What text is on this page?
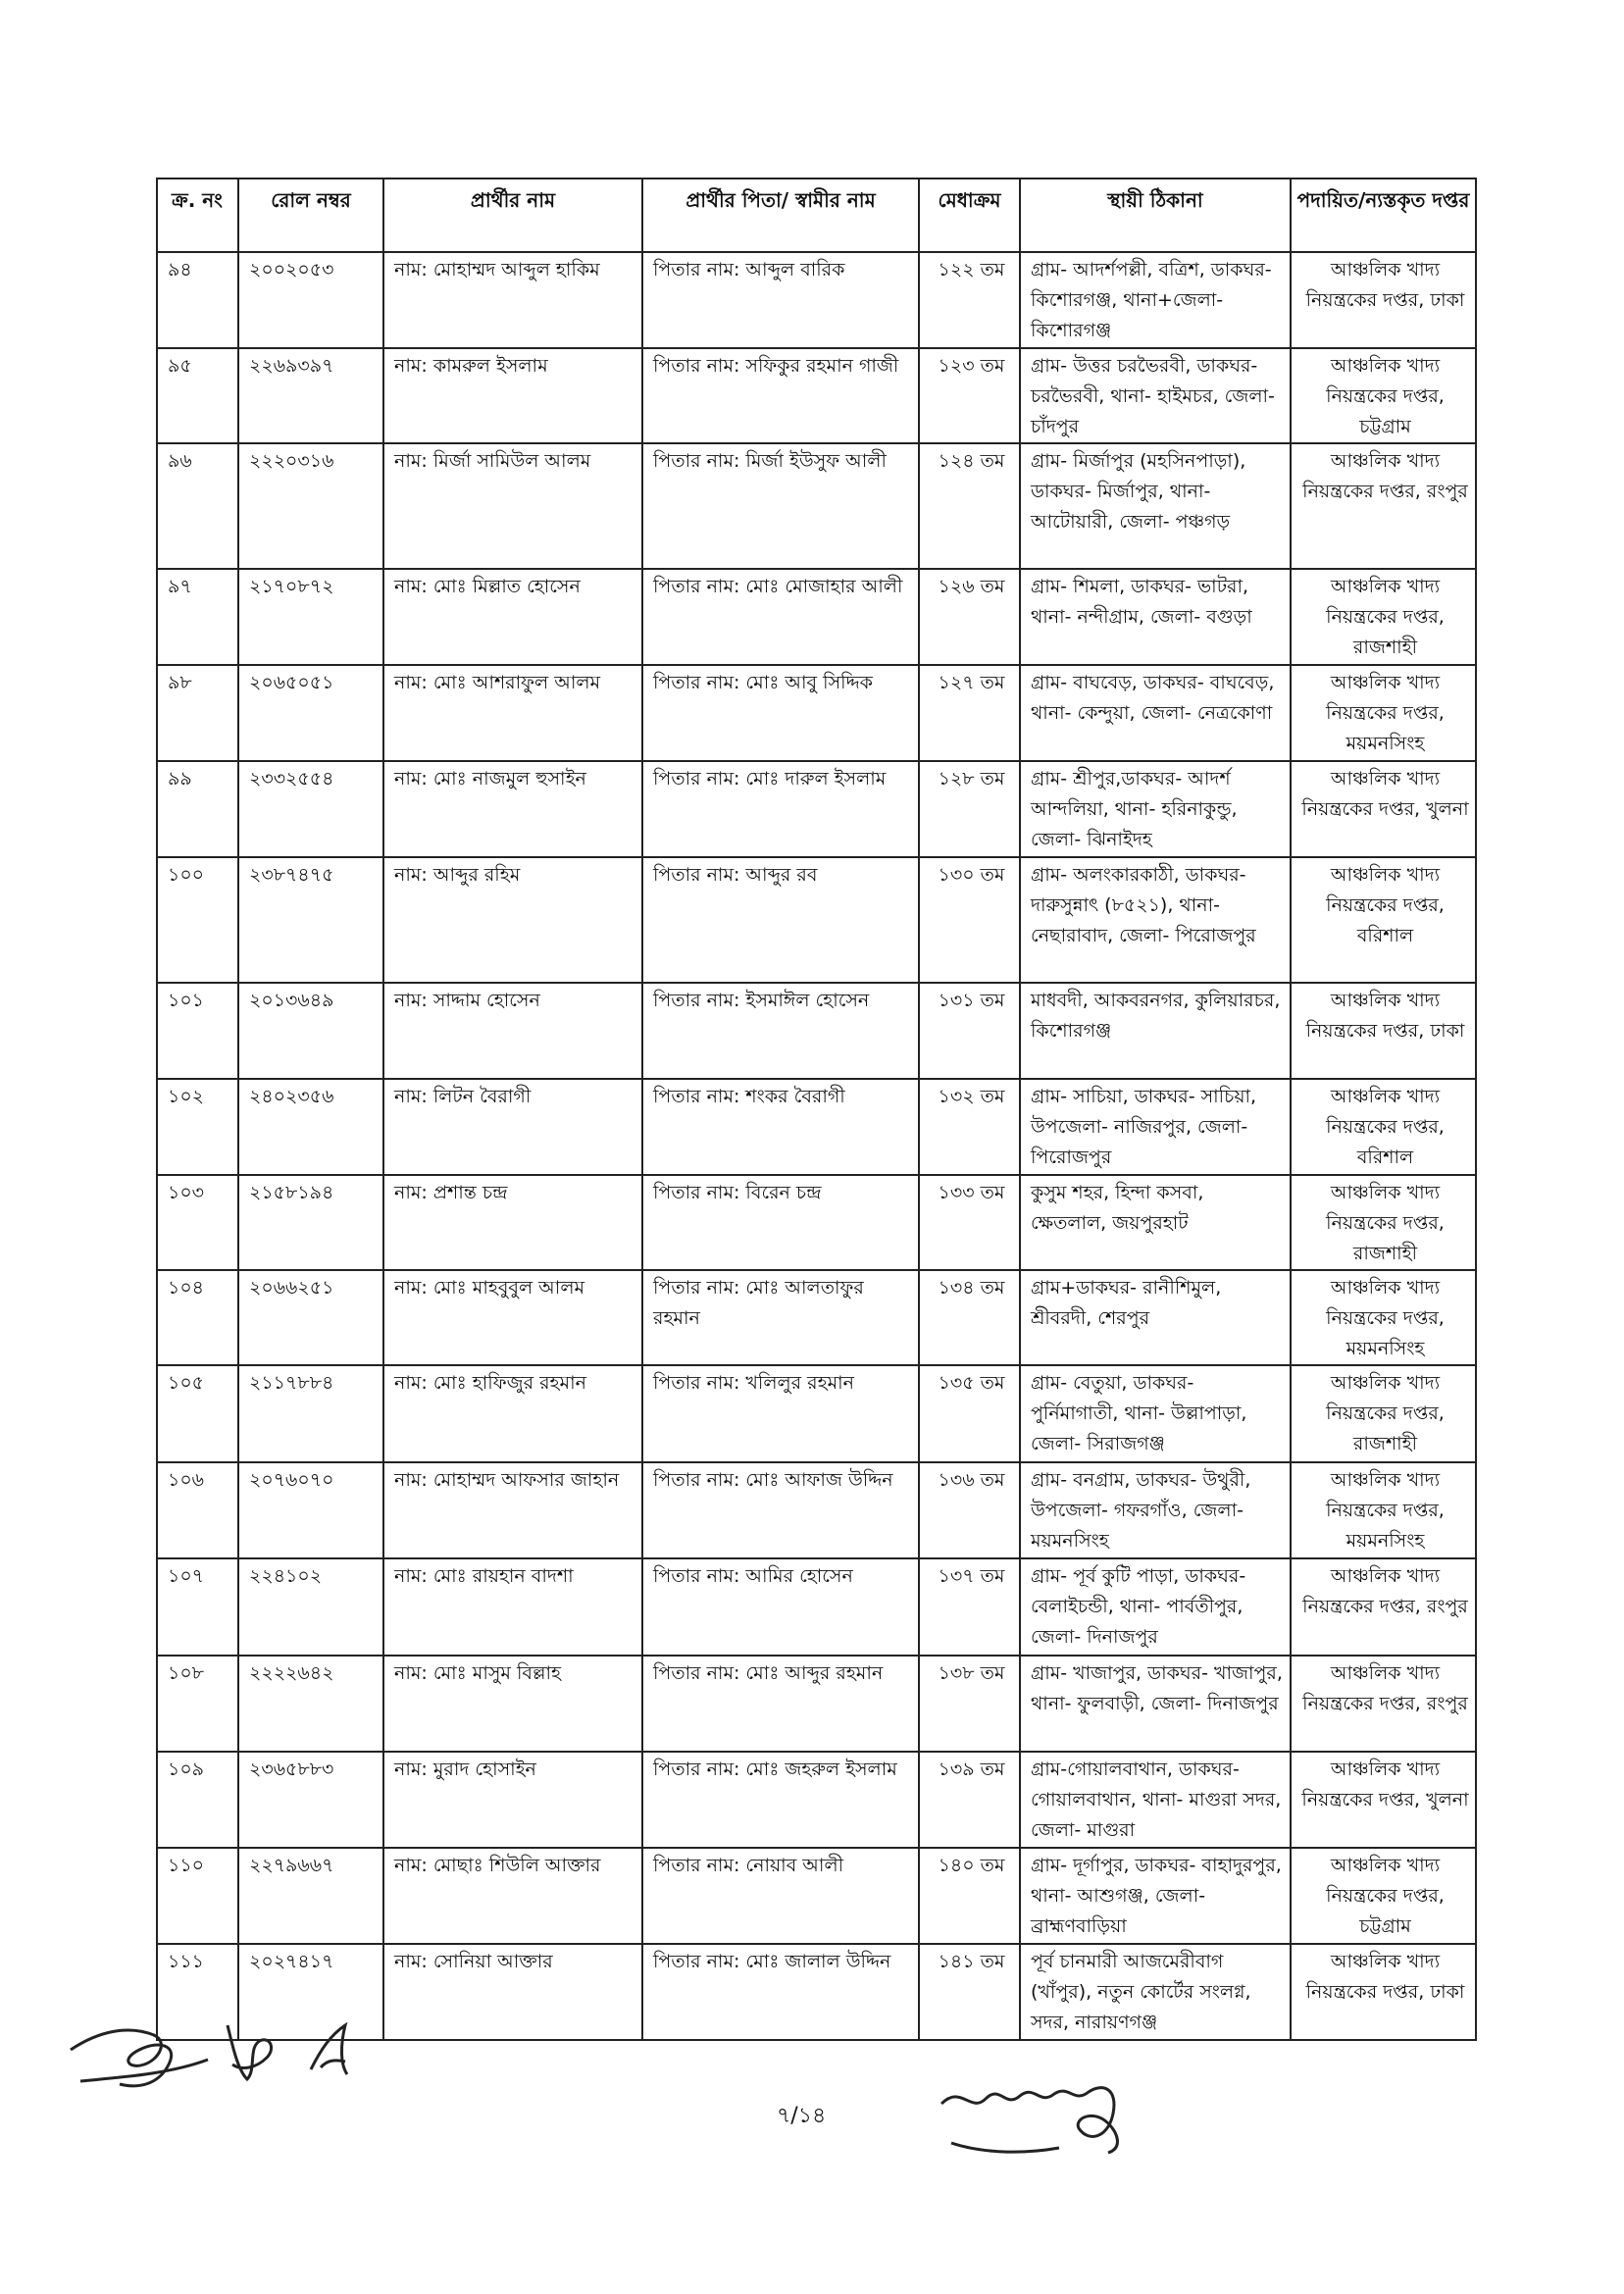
ক্র. নং	রোল নম্বর	প্রার্থীর নাম	প্রার্থীর পিতা/ স্বামীর নাম	মেধাক্রম	স্থায়ী ঠিকানা	পদায়িত/ন্যস্তকৃত দপ্তর
৯৪	২০০২০৫৩	নাম: মোহাম্মদ আব্দুল হাকিম	পিতার নাম: আব্দুল বারিক	১২২ তম	গ্রাম- আদর্শপল্লী, বত্রিশ, ডাকঘর- কিশোরগঞ্জ, থানা+জেলা- কিশোরগঞ্জ	আঞ্চলিক খাদ্য নিয়ন্ত্রকের দপ্তর, ঢাকা
৯৫	২২৬৯৩৯৭	নাম: কামরুল ইসলাম	পিতার নাম: সফিকুর রহমান গাজী	১২৩ তম	গ্রাম- উত্তর চরভৈরবী, ডাকঘর- চরভৈরবী, থানা- হাইমচর, জেলা- চাঁদপুর	আঞ্চলিক খাদ্য নিয়ন্ত্রকের দপ্তর, চট্টগ্রাম
৯৬	২২২০৩১৬	নাম: মির্জা সামিউল আলম	পিতার নাম: মির্জা ইউসুফ আলী	১২৪ তম	গ্রাম- মির্জাপুর (মহসিনপাড়া), ডাকঘর- মির্জাপুর, থানা- আটোয়ারী, জেলা- পঞ্চগড়	আঞ্চলিক খাদ্য নিয়ন্ত্রকের দপ্তর, রংপুর
৯৭	২১৭০৮৭২	নাম: মোঃ মিল্লাত হোসেন	পিতার নাম: মোঃ মোজাহার আলী	১২৬ তম	গ্রাম- শিমলা, ডাকঘর- ভাটরা, থানা- নন্দীগ্রাম, জেলা- বগুড়া	আঞ্চলিক খাদ্য নিয়ন্ত্রকের দপ্তর, রাজশাহী
৯৮	২০৬৫০৫১	নাম: মোঃ আশরাফুল আলম	পিতার নাম: মোঃ আবু সিদ্দিক	১২৭ তম	গ্রাম- বাঘবেড়, ডাকঘর- বাঘবেড়, থানা- কেন্দুয়া, জেলা- নেত্রকোণা	আঞ্চলিক খাদ্য নিয়ন্ত্রকের দপ্তর, ময়মনসিংহ
৯৯	২৩৩২৫৫৪	নাম: মোঃ নাজমুল হুসাইন	পিতার নাম: মোঃ দারুল ইসলাম	১২৮ তম	গ্রাম- শ্রীপুর,ডাকঘর- আদর্শ আন্দলিয়া, থানা- হরিনাকুন্ডু, জেলা- ঝিনাইদহ	আঞ্চলিক খাদ্য নিয়ন্ত্রকের দপ্তর, খুলনা
১০০	২৩৮৭৪৭৫	নাম: আব্দুর রহিম	পিতার নাম: আব্দুর রব	১৩০ তম	গ্রাম- অলংকারকাঠী, ডাকঘর- দারুসুন্নাৎ (৮৫২১), থানা- নেছারাবাদ, জেলা- পিরোজপুর	আঞ্চলিক খাদ্য নিয়ন্ত্রকের দপ্তর, বরিশাল
১০১	২০১৩৬৪৯	নাম: সাদ্দাম হোসেন	পিতার নাম: ইসমাঈল হোসেন	১৩১ তম	মাধবদী, আকবরনগর, কুলিয়ারচর, কিশোরগঞ্জ	আঞ্চলিক খাদ্য নিয়ন্ত্রকের দপ্তর, ঢাকা
১০২	২৪০২৩৫৬	নাম: লিটন বৈরাগী	পিতার নাম: শংকর বৈরাগী	১৩২ তম	গ্রাম- সাচিয়া, ডাকঘর- সাচিয়া, উপজেলা- নাজিরপুর, জেলা- পিরোজপুর	আঞ্চলিক খাদ্য নিয়ন্ত্রকের দপ্তর, বরিশাল
১০৩	২১৫৮১৯৪	নাম: প্রশান্ত চন্দ্র	পিতার নাম: বিরেন চন্দ্র	১৩৩ তম	কুসুম শহর, হিন্দা কসবা, ক্ষেতলাল, জয়পুরহাট	আঞ্চলিক খাদ্য নিয়ন্ত্রকের দপ্তর, রাজশাহী
১০৪	২০৬৬২৫১	নাম: মোঃ মাহবুবুল আলম	পিতার নাম: মোঃ আলতাফুর রহমান	১৩৪ তম	গ্রাম+ডাকঘর- রানীশিমুল, শ্রীবরদী, শেরপুর	আঞ্চলিক খাদ্য নিয়ন্ত্রকের দপ্তর, ময়মনসিংহ
১০৫	২১১৭৮৮৪	নাম: মোঃ হাফিজুর রহমান	পিতার নাম: খলিলুর রহমান	১৩৫ তম	গ্রাম- বেতুয়া, ডাকঘর- পুর্নিমাগাতী, থানা- উল্লাপাড়া, জেলা- সিরাজগঞ্জ	আঞ্চলিক খাদ্য নিয়ন্ত্রকের দপ্তর, রাজশাহী
১০৬	২০৭৬০৭০	নাম: মোহাম্মদ আফসার জাহান	পিতার নাম: মোঃ আফাজ উদ্দিন	১৩৬ তম	গ্রাম- বনগ্রাম, ডাকঘর- উথুরী, উপজেলা- গফরগাঁও, জেলা- ময়মনসিংহ	আঞ্চলিক খাদ্য নিয়ন্ত্রকের দপ্তর, ময়মনসিংহ
১০৭	২২৪১০২	নাম: মোঃ রায়হান বাদশা	পিতার নাম: আমির হোসেন	১৩৭ তম	গ্রাম- পূর্ব কুটি পাড়া, ডাকঘর- বেলাইচন্ডী, থানা- পার্বতীপুর, জেলা- দিনাজপুর	আঞ্চলিক খাদ্য নিয়ন্ত্রকের দপ্তর, রংপুর
১০৮	২২২২৬৪২	নাম: মোঃ মাসুম বিল্লাহ	পিতার নাম: মোঃ আব্দুর রহমান	১৩৮ তম	গ্রাম- খাজাপুর, ডাকঘর- খাজাপুর, থানা- ফুলবাড়ী, জেলা- দিনাজপুর	আঞ্চলিক খাদ্য নিয়ন্ত্রকের দপ্তর, রংপুর
১০৯	২৩৬৫৮৮৩	নাম: মুরাদ হোসাইন	পিতার নাম: মোঃ জহরুল ইসলাম	১৩৯ তম	গ্রাম-গোয়ালবাথান, ডাকঘর- গোয়ালবাথান, থানা- মাগুরা সদর, জেলা- মাগুরা	আঞ্চলিক খাদ্য নিয়ন্ত্রকের দপ্তর, খুলনা
১১০	২২৭৯৬৬৭	নাম: মোছাঃ শিউলি আক্তার	পিতার নাম: নোয়াব আলী	১৪০ তম	গ্রাম- দূর্গাপুর, ডাকঘর- বাহাদুরপুর, থানা- আশুগঞ্জ, জেলা- ব্রাহ্মণবাড়িয়া	আঞ্চলিক খাদ্য নিয়ন্ত্রকের দপ্তর, চট্টগ্রাম
১১১	২০২৭৪১৭	নাম: সোনিয়া আক্তার	পিতার নাম: মোঃ জালাল উদ্দিন	১৪১ তম	পূর্ব চানমারী আজমেরীবাগ (খাঁপুর), নতুন কোর্টের সংলগ্ন, সদর, নারায়ণগঞ্জ	আঞ্চলিক খাদ্য নিয়ন্ত্রকের দপ্তর, ঢাকা
৭/১৪
